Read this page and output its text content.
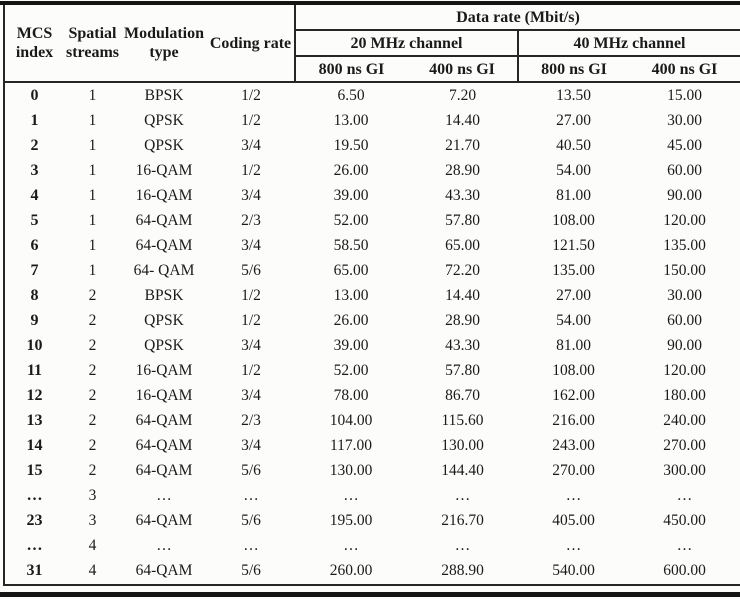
MCS index	Spatial streams	Modulation type	Coding rate	Data rate (Mbit/s)			
				20 MHz channel		40 MHz channel	
				800 ns GI	400 ns GI	800 ns GI	400 ns GI
0	1	BPSK	1/2	6.50	7.20	13.50	15.00
1	1	QPSK	1/2	13.00	14.40	27.00	30.00
2	1	QPSK	3/4	19.50	21.70	40.50	45.00
3	1	16-QAM	1/2	26.00	28.90	54.00	60.00
4	1	16-QAM	3/4	39.00	43.30	81.00	90.00
5	1	64-QAM	2/3	52.00	57.80	108.00	120.00
6	1	64-QAM	3/4	58.50	65.00	121.50	135.00
7	1	64- QAM	5/6	65.00	72.20	135.00	150.00
8	2	BPSK	1/2	13.00	14.40	27.00	30.00
9	2	QPSK	1/2	26.00	28.90	54.00	60.00
10	2	QPSK	3/4	39.00	43.30	81.00	90.00
11	2	16-QAM	1/2	52.00	57.80	108.00	120.00
12	2	16-QAM	3/4	78.00	86.70	162.00	180.00
13	2	64-QAM	2/3	104.00	115.60	216.00	240.00
14	2	64-QAM	3/4	117.00	130.00	243.00	270.00
15	2	64-QAM	5/6	130.00	144.40	270.00	300.00
…	3	…	…	…	…	…	…
23	3	64-QAM	5/6	195.00	216.70	405.00	450.00
…	4	…	…	…	…	…	…
31	4	64-QAM	5/6	260.00	288.90	540.00	600.00
